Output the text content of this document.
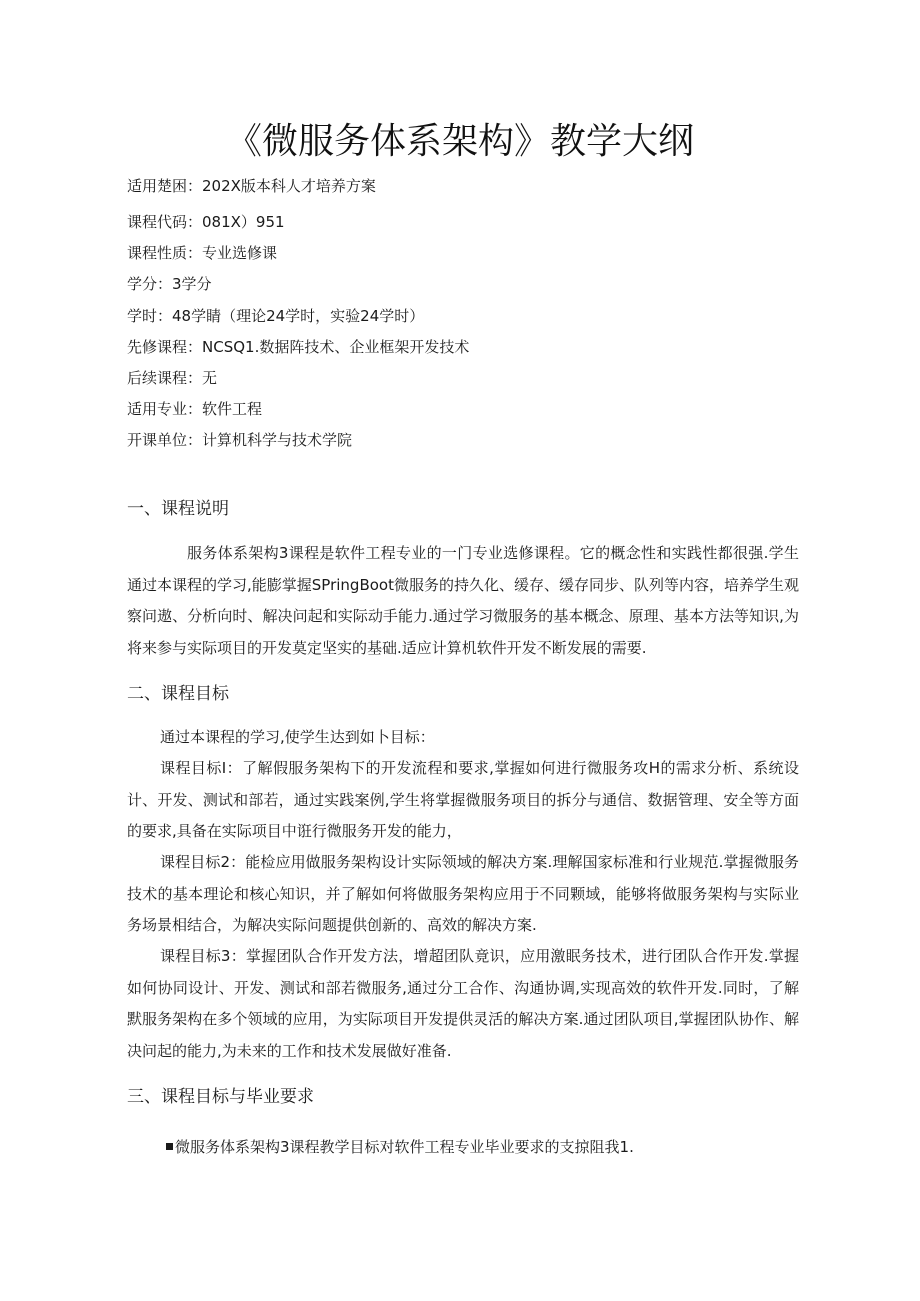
《微服务体系架构》教学大纲
适用楚困：202X版本科人才培养方案
课程代码：081X）951
课程性质：专业选修课
学分：3学分
学时：48学睛（理论24学时，实验24学时）
先修课程：NCSQ1.数据阵技术、企业框架开发技术
后续课程：无
适用专业：软件工程
开课单位：计算机科学与技术学院
一、课程说明
服务体系架构3课程是软件工程专业的一门专业选修课程。它的概念性和实践性都很强.学生通过本课程的学习,能膨掌握SPringBoot微服务的持久化、缓存、缓存同步、队列等内容，培养学生观察问遨、分析向时、解决问起和实际动手能力.通过学习微服务的基本概念、原理、基本方法等知识,为将来参与实际项目的开发莫定坚实的基础.适应计算机软件开发不断发展的需要.
二、课程目标
通过本课程的学习,使学生达到如卜目标：
课程目标I：了解假服务架构下的开发流程和要求,掌握如何进行微服务攻H的需求分析、系统设计、开发、测试和部若，通过实践案例,学生将掌握微服务项目的拆分与通信、数据管理、安全等方面的要求,具备在实际项目中诳行微服务开发的能力，
课程目标2：能检应用做服务架构设计实际领域的解决方案.理解国家标准和行业规范.掌握微服务技术的基本理论和核心知识，并了解如何将做服务架构应用于不同颗域，能够将做服务架构与实际业务场景相结合，为解决实际问题提供创新的、高效的解决方案.
课程目标3：掌握团队合作开发方法，增超团队竟识，应用激眠务技术，进行团队合作开发.掌握如何协同设计、开发、测试和部若微服务,通过分工合作、沟通协调,实现高效的软件开发.同时，了解默服务架构在多个领域的应用，为实际项目开发提供灵活的解决方案.通过团队项目,掌握团队协作、解决问起的能力,为未来的工作和技术发展做好准备.
三、课程目标与毕业要求
微服务体系架构3课程教学目标对软件工程专业毕业要求的支掠阻我1.
